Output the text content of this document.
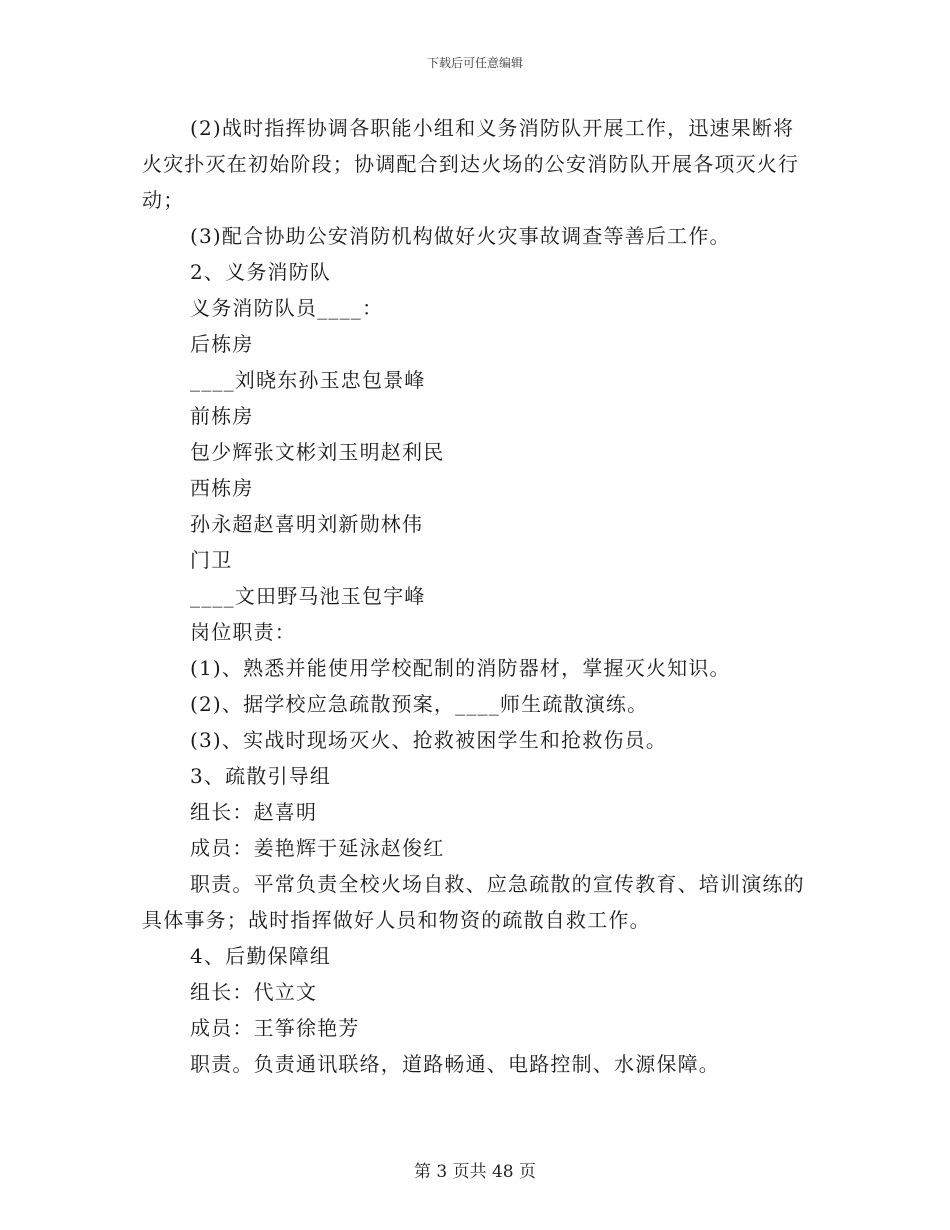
下载后可任意编辑

(2)战时指挥协调各职能小组和义务消防队开展工作，迅速果断将火灾扑灭在初始阶段；协调配合到达火场的公安消防队开展各项灭火行动；

(3)配合协助公安消防机构做好火灾事故调查等善后工作。

2、义务消防队

义务消防队员____：

后栋房

____刘晓东孙玉忠包景峰

前栋房

包少辉张文彬刘玉明赵利民

西栋房

孙永超赵喜明刘新勋林伟

门卫

____文田野马池玉包宇峰

岗位职责：

(1)、熟悉并能使用学校配制的消防器材，掌握灭火知识。

(2)、据学校应急疏散预案，____师生疏散演练。

(3)、实战时现场灭火、抢救被困学生和抢救伤员。

3、疏散引导组

组长：赵喜明

成员：姜艳辉于延泳赵俊红

职责。平常负责全校火场自救、应急疏散的宣传教育、培训演练的具体事务；战时指挥做好人员和物资的疏散自救工作。

4、后勤保障组

组长：代立文

成员：王筝徐艳芳

职责。负责通讯联络，道路畅通、电路控制、水源保障。

第 3 页共 48 页
